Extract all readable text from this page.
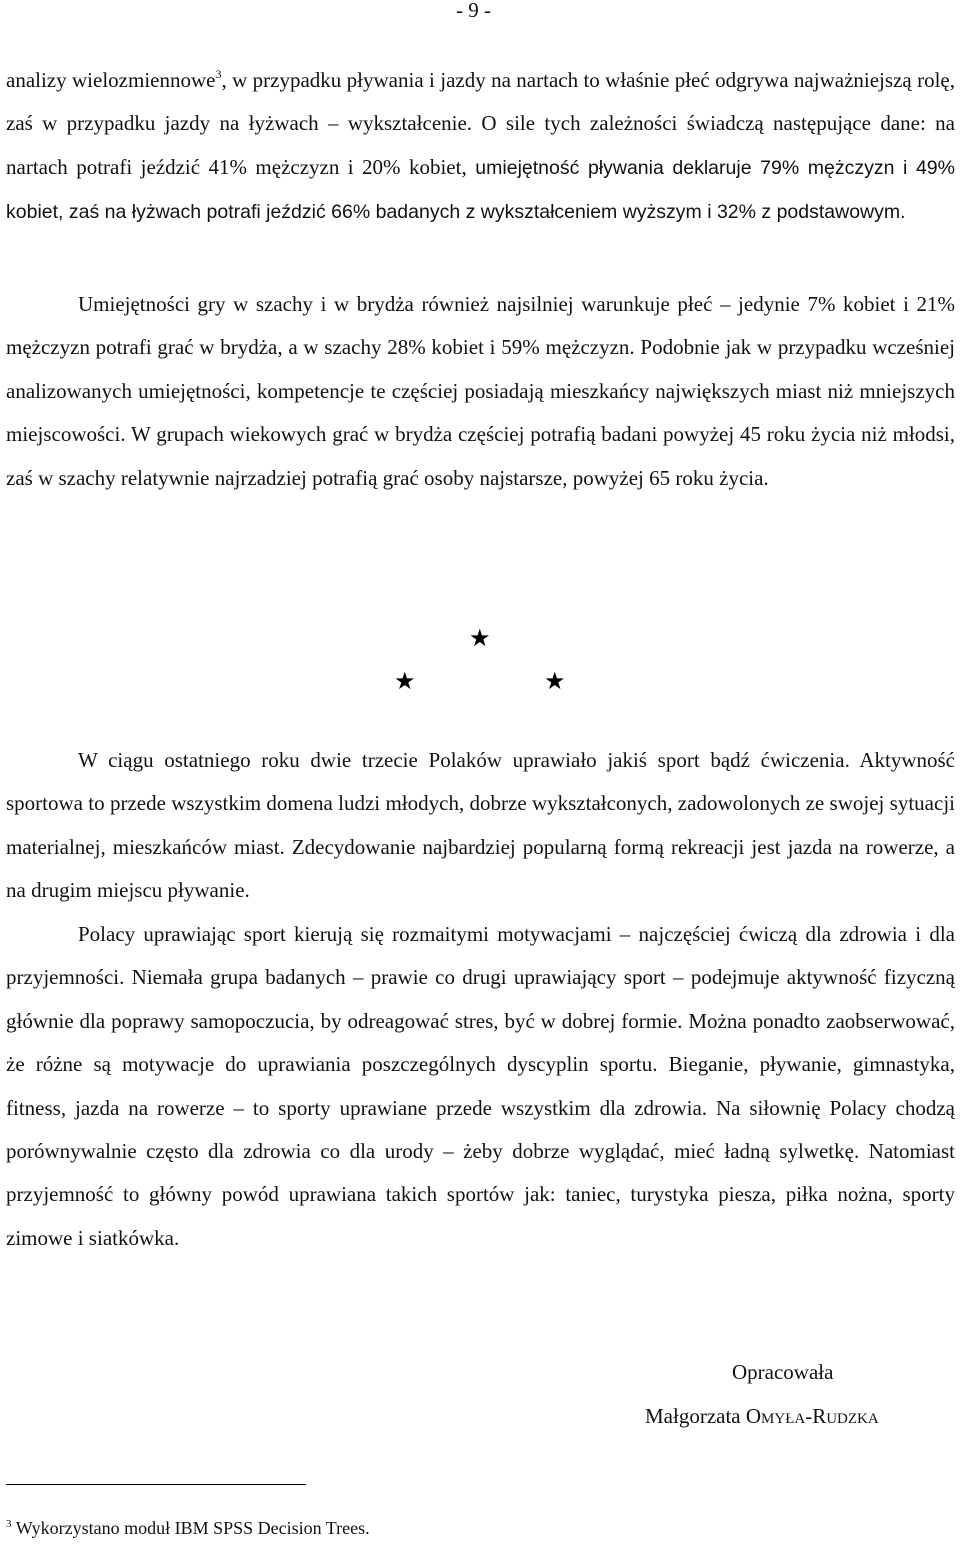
- 9 -

analizy wielozmiennowe$^3$, w przypadku pływania i jazdy na nartach to właśnie płeć odgrywa najważniejszą rolę, zaś w przypadku jazdy na łyżwach – wykształcenie. O sile tych zależności świadczą następujące dane: na nartach potrafi jeździć 41% mężczyzn i 20% kobiet, umiejętność pływania deklaruje 79% mężczyzn i 49% kobiet, zaś na łyżwach potrafi jeździć 66% badanych z wykształceniem wyższym i 32% z podstawowym.

Umiejętności gry w szachy i w brydża również najsilniej warunkuje płeć – jedynie 7% kobiet i 21% mężczyzn potrafi grać w brydża, a w szachy 28% kobiet i 59% mężczyzn. Podobnie jak w przypadku wcześniej analizowanych umiejętności, kompetencje te częściej posiadają mieszkańcy największych miast niż mniejszych miejscowości. W grupach wiekowych grać w brydża częściej potrafią badani powyżej 45 roku życia niż młodsi, zaś w szachy relatywnie najrzadziej potrafią grać osoby najstarsze, powyżej 65 roku życia.

★
★	★

W ciągu ostatniego roku dwie trzecie Polaków uprawiało jakiś sport bądź ćwiczenia. Aktywność sportowa to przede wszystkim domena ludzi młodych, dobrze wykształconych, zadowolonych ze swojej sytuacji materialnej, mieszkańców miast. Zdecydowanie najbardziej popularną formą rekreacji jest jazda na rowerze, a na drugim miejscu pływanie.

Polacy uprawiając sport kierują się rozmaitymi motywacjami – najczęściej ćwiczą dla zdrowia i dla przyjemności. Niemała grupa badanych – prawie co drugi uprawiający sport – podejmuje aktywność fizyczną głównie dla poprawy samopoczucia, by odreagować stres, być w dobrej formie. Można ponadto zaobserwować, że różne są motywacje do uprawiania poszczególnych dyscyplin sportu. Bieganie, pływanie, gimnastyka, fitness, jazda na rowerze – to sporty uprawiane przede wszystkim dla zdrowia. Na siłownię Polacy chodzą porównywalnie często dla zdrowia co dla urody – żeby dobrze wyglądać, mieć ładną sylwetkę. Natomiast przyjemność to główny powód uprawiana takich sportów jak: taniec, turystyka piesza, piłka nożna, sporty zimowe i siatkówka.

Opracowała
Małgorzata Omyła-Rudzka
$^3$ Wykorzystano moduł IBM SPSS Decision Trees.
